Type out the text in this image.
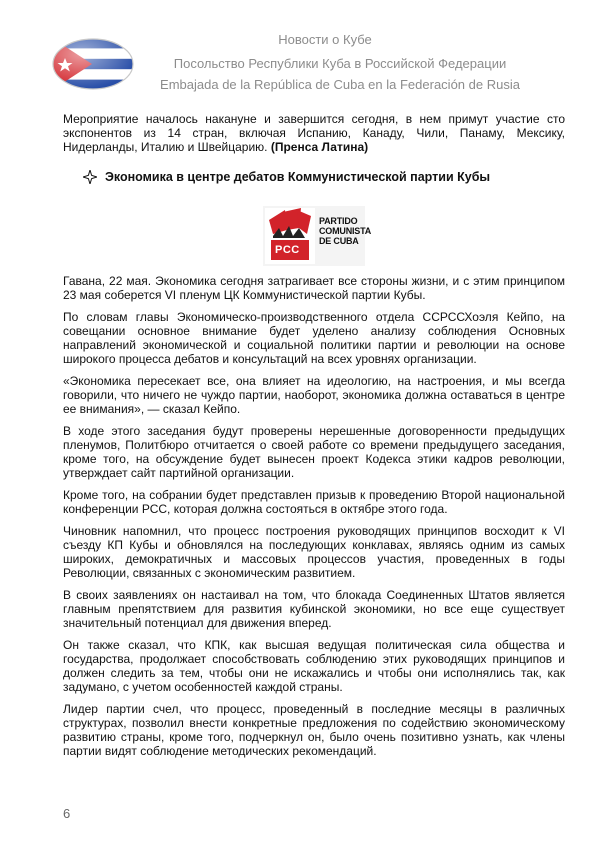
Новости о Кубе
Посольство Республики Куба в Российской Федерации
Embajada de la República de Cuba en la Federación de Rusia

Мероприятие началось накануне и завершится сегодня, в нем примут участие сто экспонентов из 14 стран, включая Испанию, Канаду, Чили, Панаму, Мексику, Нидерланды, Италию и Швейцарию. (Пренса Латина)

Экономика в центре дебатов Коммунистической партии Кубы
PARTIDO
COMUNISTA
DE CUBA
PCC

Гавана, 22 мая. Экономика сегодня затрагивает все стороны жизни, и с этим принципом 23 мая соберется VI пленум ЦК Коммунистической партии Кубы.

По словам главы Экономическо-производственного отдела ССРССХоэля Кейпо, на совещании основное внимание будет уделено анализу соблюдения Основных направлений экономической и социальной политики партии и революции на основе широкого процесса дебатов и консультаций на всех уровнях организации.

«Экономика пересекает все, она влияет на идеологию, на настроения, и мы всегда говорили, что ничего не чуждо партии, наоборот, экономика должна оставаться в центре ее внимания», — сказал Кейпо.

В ходе этого заседания будут проверены нерешенные договоренности предыдущих пленумов, Политбюро отчитается о своей работе со времени предыдущего заседания, кроме того, на обсуждение будет вынесен проект Кодекса этики кадров революции, утверждает сайт партийной организации.

Кроме того, на собрании будет представлен призыв к проведению Второй национальной конференции РСС, которая должна состояться в октябре этого года.

Чиновник напомнил, что процесс построения руководящих принципов восходит к VI съезду КП Кубы и обновлялся на последующих конклавах, являясь одним из самых широких, демократичных и массовых процессов участия, проведенных в годы Революции, связанных с экономическим развитием.

В своих заявлениях он настаивал на том, что блокада Соединенных Штатов является главным препятствием для развития кубинской экономики, но все еще существует значительный потенциал для движения вперед.

Он также сказал, что КПК, как высшая ведущая политическая сила общества и государства, продолжает способствовать соблюдению этих руководящих принципов и должен следить за тем, чтобы они не искажались и чтобы они исполнялись так, как задумано, с учетом особенностей каждой страны.

Лидер партии счел, что процесс, проведенный в последние месяцы в различных структурах, позволил внести конкретные предложения по содействию экономическому развитию страны, кроме того, подчеркнул он, было очень позитивно узнать, как члены партии видят соблюдение методических рекомендаций.

6
